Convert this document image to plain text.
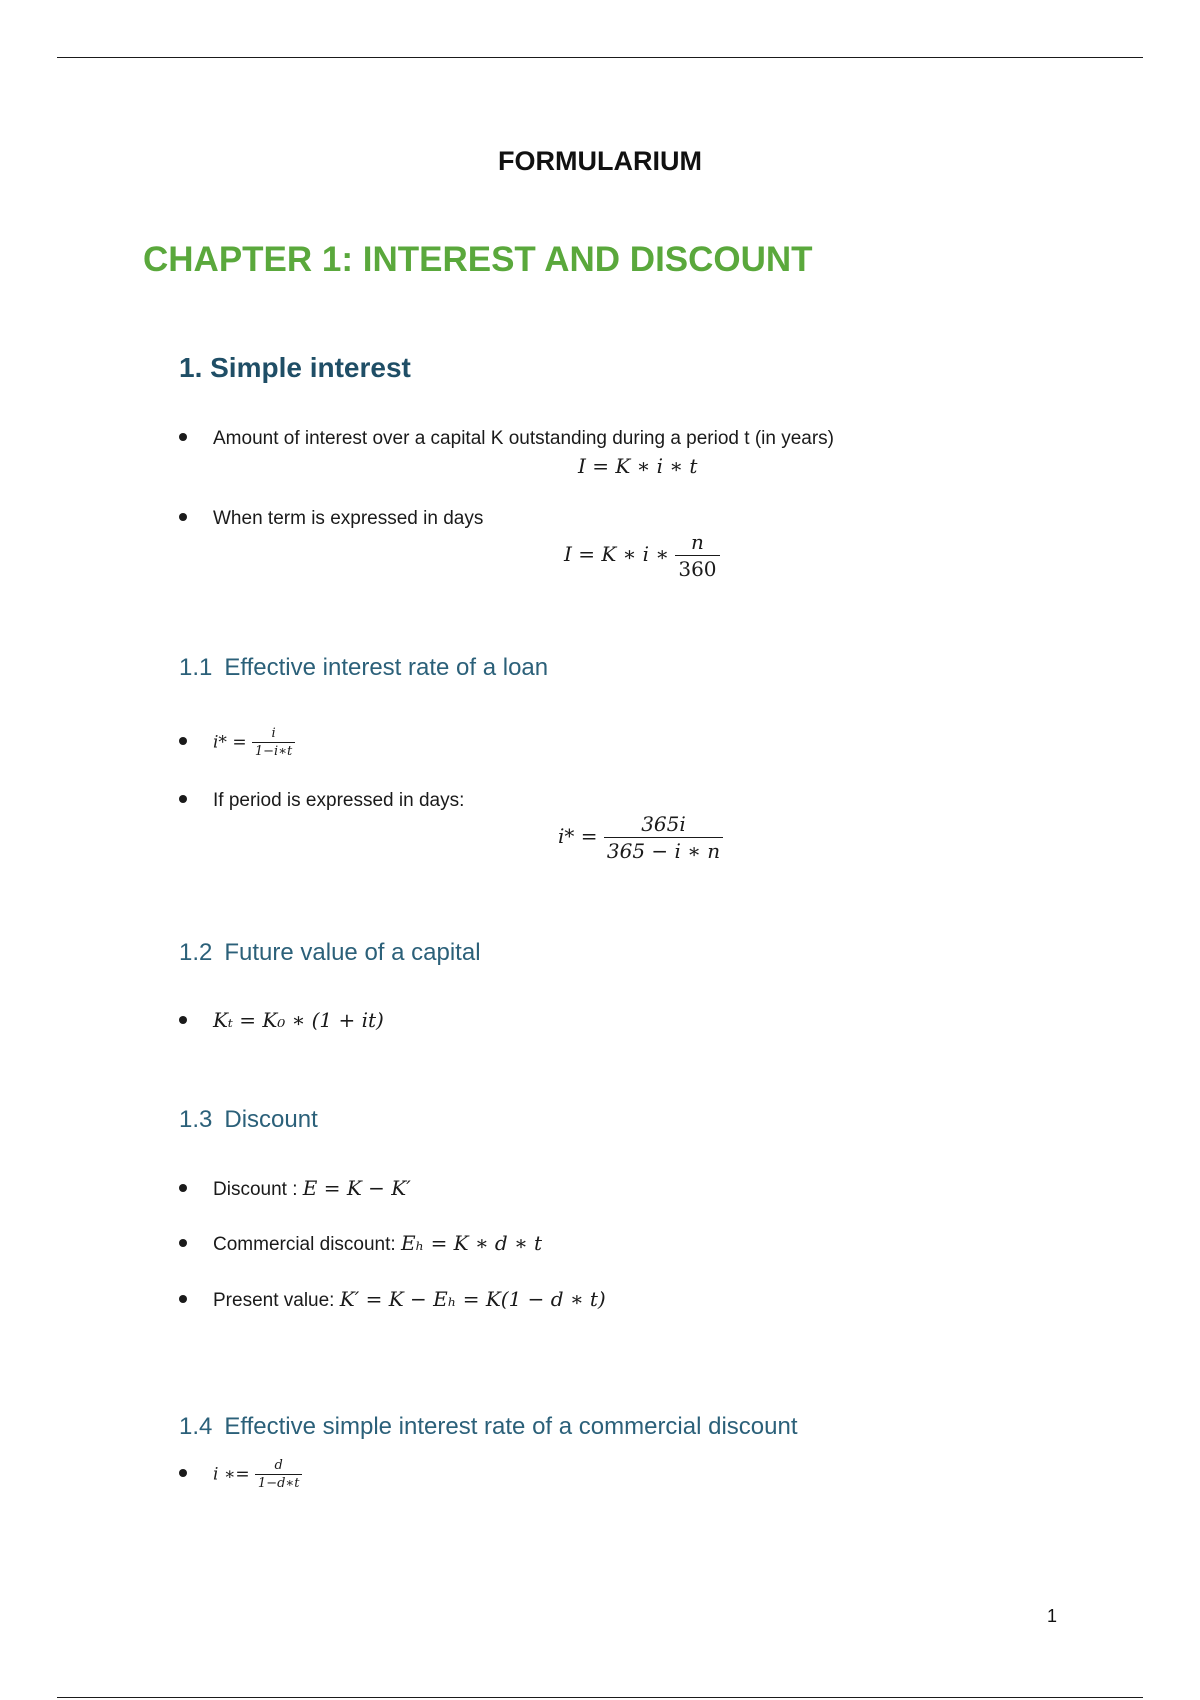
FORMULARIUM
CHAPTER 1: INTEREST AND DISCOUNT
1. Simple interest
Amount of interest over a capital K outstanding during a period t (in years)
I = K ∗ i ∗ t
When term is expressed in days
I = K ∗ i ∗ $\frac{n}{360}$
1.1 Effective interest rate of a loan
$i* = \frac{i}{1-i∗t}$
If period is expressed in days:
$i* = \frac{365i}{365 - i ∗ n}$
1.2 Future value of a capital
Kₜ = K₀ ∗ (1 + it)
1.3 Discount
Discount : E = K − K′
Commercial discount: Eₕ = K ∗ d ∗ t
Present value: K′ = K − Eₕ = K(1 − d ∗ t)
1.4 Effective simple interest rate of a commercial discount
i ∗= $\frac{d}{1-d∗t}$
1
